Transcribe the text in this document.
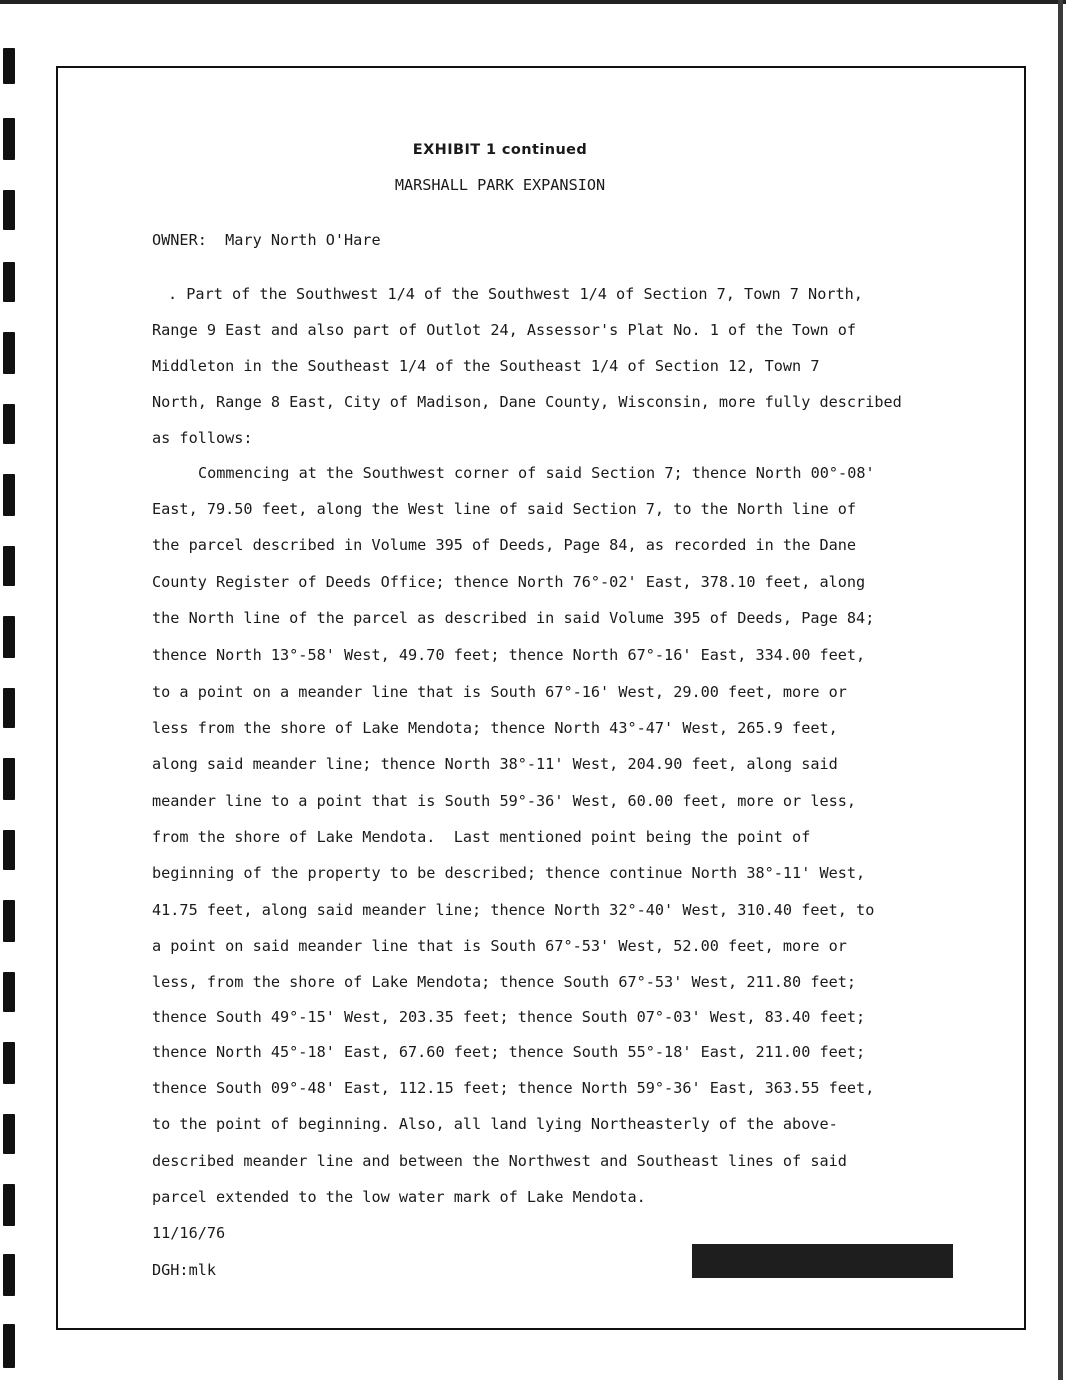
EXHIBIT 1 continued
MARSHALL PARK EXPANSION
OWNER:  Mary North O'Hare
. Part of the Southwest 1/4 of the Southwest 1/4 of Section 7, Town 7 North,
Range 9 East and also part of Outlot 24, Assessor's Plat No. 1 of the Town of
Middleton in the Southeast 1/4 of the Southeast 1/4 of Section 12, Town 7
North, Range 8 East, City of Madison, Dane County, Wisconsin, more fully described
as follows:
Commencing at the Southwest corner of said Section 7; thence North 00°-08'
East, 79.50 feet, along the West line of said Section 7, to the North line of
the parcel described in Volume 395 of Deeds, Page 84, as recorded in the Dane
County Register of Deeds Office; thence North 76°-02' East, 378.10 feet, along
the North line of the parcel as described in said Volume 395 of Deeds, Page 84;
thence North 13°-58' West, 49.70 feet; thence North 67°-16' East, 334.00 feet,
to a point on a meander line that is South 67°-16' West, 29.00 feet, more or
less from the shore of Lake Mendota; thence North 43°-47' West, 265.9 feet,
along said meander line; thence North 38°-11' West, 204.90 feet, along said
meander line to a point that is South 59°-36' West, 60.00 feet, more or less,
from the shore of Lake Mendota.  Last mentioned point being the point of
beginning of the property to be described; thence continue North 38°-11' West,
41.75 feet, along said meander line; thence North 32°-40' West, 310.40 feet, to
a point on said meander line that is South 67°-53' West, 52.00 feet, more or
less, from the shore of Lake Mendota; thence South 67°-53' West, 211.80 feet;
thence South 49°-15' West, 203.35 feet; thence South 07°-03' West, 83.40 feet;
thence North 45°-18' East, 67.60 feet; thence South 55°-18' East, 211.00 feet;
thence South 09°-48' East, 112.15 feet; thence North 59°-36' East, 363.55 feet,
to the point of beginning. Also, all land lying Northeasterly of the above-
described meander line and between the Northwest and Southeast lines of said
parcel extended to the low water mark of Lake Mendota.
11/16/76
DGH:mlk
